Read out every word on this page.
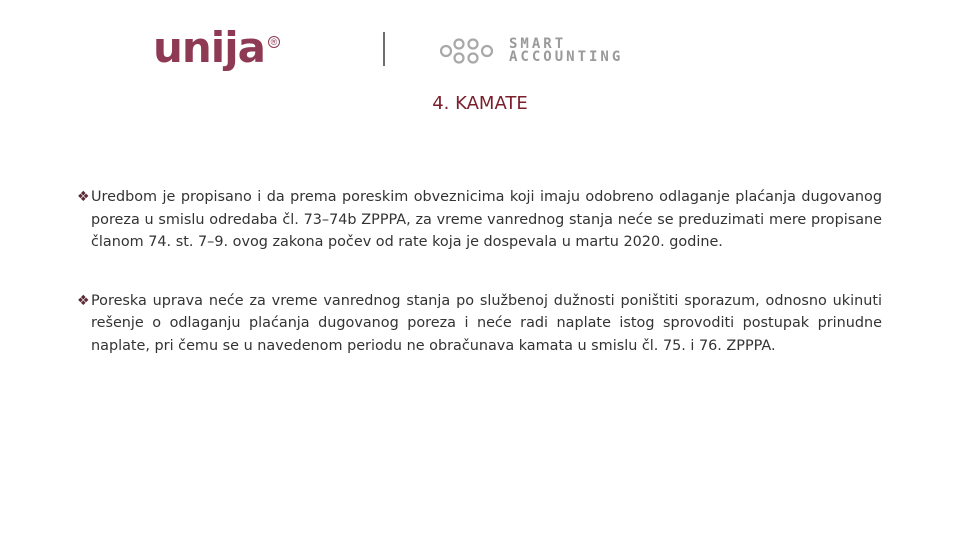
unija ®	SMART
ACCOUNTING
4. KAMATE
❖ Uredbom je propisano i da prema poreskim obveznicima koji imaju odobreno odlaganje plaćanja dugovanog poreza u smislu odredaba čl. 73–74b ZPPPA, za vreme vanrednog stanja neće se preduzimati mere propisane članom 74. st. 7–9. ovog zakona počev od rate koja je dospevala u martu 2020. godine.
❖ Poreska uprava neće za vreme vanrednog stanja po službenoj dužnosti poništiti sporazum, odnosno ukinuti rešenje o odlaganju plaćanja dugovanog poreza i neće radi naplate istog sprovoditi postupak prinudne naplate, pri čemu se u navedenom periodu ne obračunava kamata u smislu čl. 75. i 76. ZPPPA.
